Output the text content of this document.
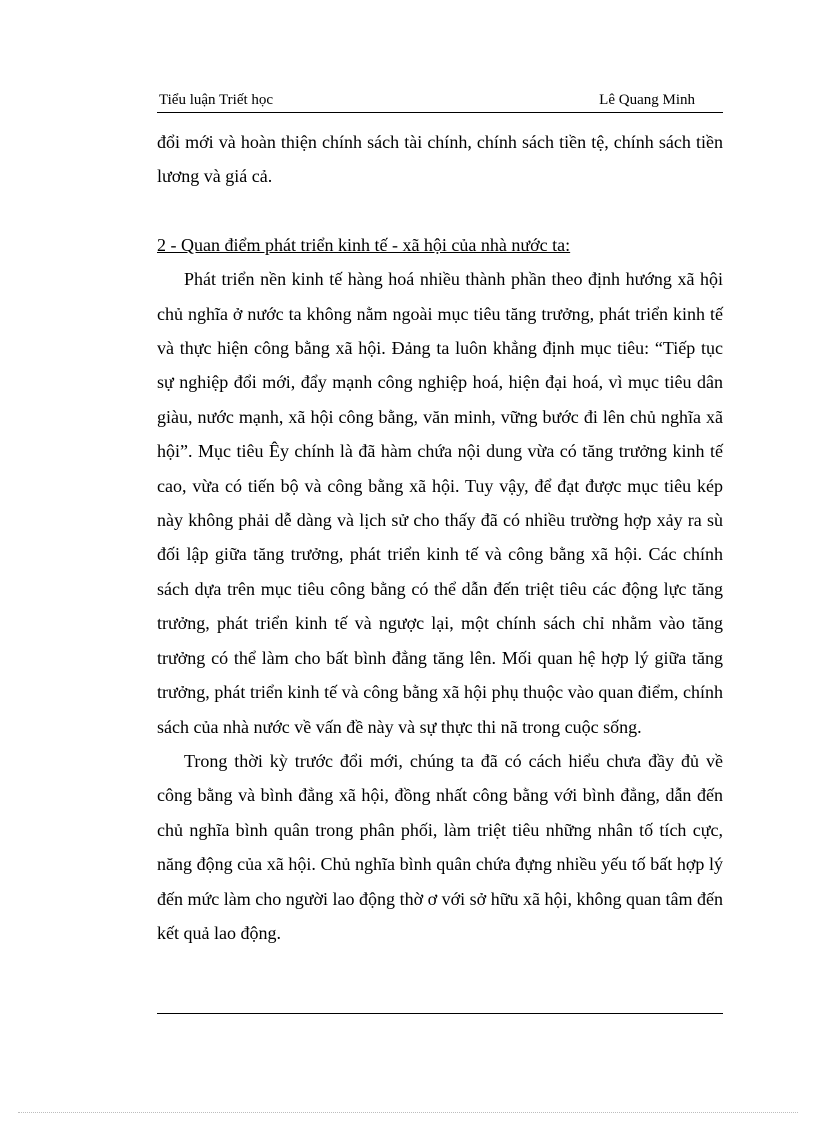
Tiểu luận Triết học	Lê Quang Minh

đổi mới và hoàn thiện chính sách tài chính, chính sách tiền tệ, chính sách tiền lương và giá cả.

2 - Quan điểm phát triển kinh tế - xã hội của nhà nước ta:

Phát triển nền kinh tế hàng hoá nhiều thành phần theo định hướng xã hội chủ nghĩa ở nước ta không nằm ngoài mục tiêu tăng trưởng, phát triển kinh tế và thực hiện công bằng xã hội. Đảng ta luôn khẳng định mục tiêu: “Tiếp tục sự nghiệp đổi mới, đẩy mạnh công nghiệp hoá, hiện đại hoá, vì mục tiêu dân giàu, nước mạnh, xã hội công bằng, văn minh, vững bước đi lên chủ nghĩa xã hội”. Mục tiêu Êy chính là đã hàm chứa nội dung vừa có tăng trưởng kinh tế cao, vừa có tiến bộ và công bằng xã hội. Tuy vậy, để đạt được mục tiêu kép này không phải dễ dàng và lịch sử cho thấy đã có nhiều trường hợp xảy ra sù đối lập giữa tăng trưởng, phát triển kinh tế và công bằng xã hội. Các chính sách dựa trên mục tiêu công bằng có thể dẫn đến triệt tiêu các động lực tăng trưởng, phát triển kinh tế và ngược lại, một chính sách chỉ nhằm vào tăng trưởng có thể làm cho bất bình đẳng tăng lên. Mối quan hệ hợp lý giữa tăng trưởng, phát triển kinh tế và công bằng xã hội phụ thuộc vào quan điểm, chính sách của nhà nước về vấn đề này và sự thực thi nã trong cuộc sống.

Trong thời kỳ trước đổi mới, chúng ta đã có cách hiểu chưa đầy đủ về công bằng và bình đẳng xã hội, đồng nhất công bằng với bình đẳng, dẫn đến chủ nghĩa bình quân trong phân phối, làm triệt tiêu những nhân tố tích cực, năng động của xã hội. Chủ nghĩa bình quân chứa đựng nhiều yếu tố bất hợp lý đến mức làm cho người lao động thờ ơ với sở hữu xã hội, không quan tâm đến kết quả lao động.
